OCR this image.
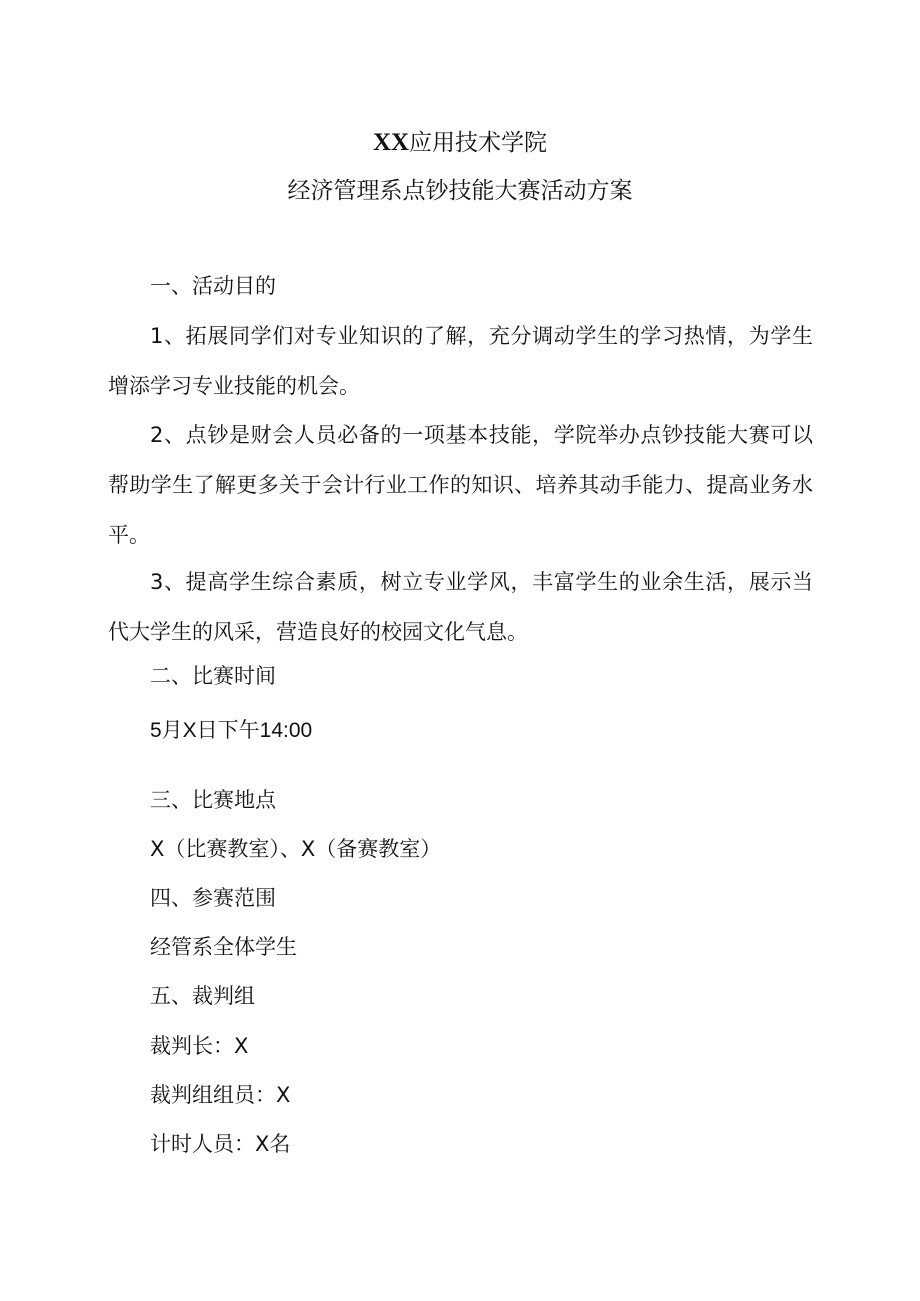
XX应用技术学院
经济管理系点钞技能大赛活动方案
一、活动目的
1、拓展同学们对专业知识的了解，充分调动学生的学习热情，为学生增添学习专业技能的机会。
2、点钞是财会人员必备的一项基本技能，学院举办点钞技能大赛可以帮助学生了解更多关于会计行业工作的知识、培养其动手能力、提高业务水平。
3、提高学生综合素质，树立专业学风，丰富学生的业余生活，展示当代大学生的风采，营造良好的校园文化气息。
二、比赛时间
5月X日下午14:00
三、比赛地点
X（比赛教室）、X（备赛教室）
四、参赛范围
经管系全体学生
五、裁判组
裁判长：X
裁判组组员：X
计时人员：X名
